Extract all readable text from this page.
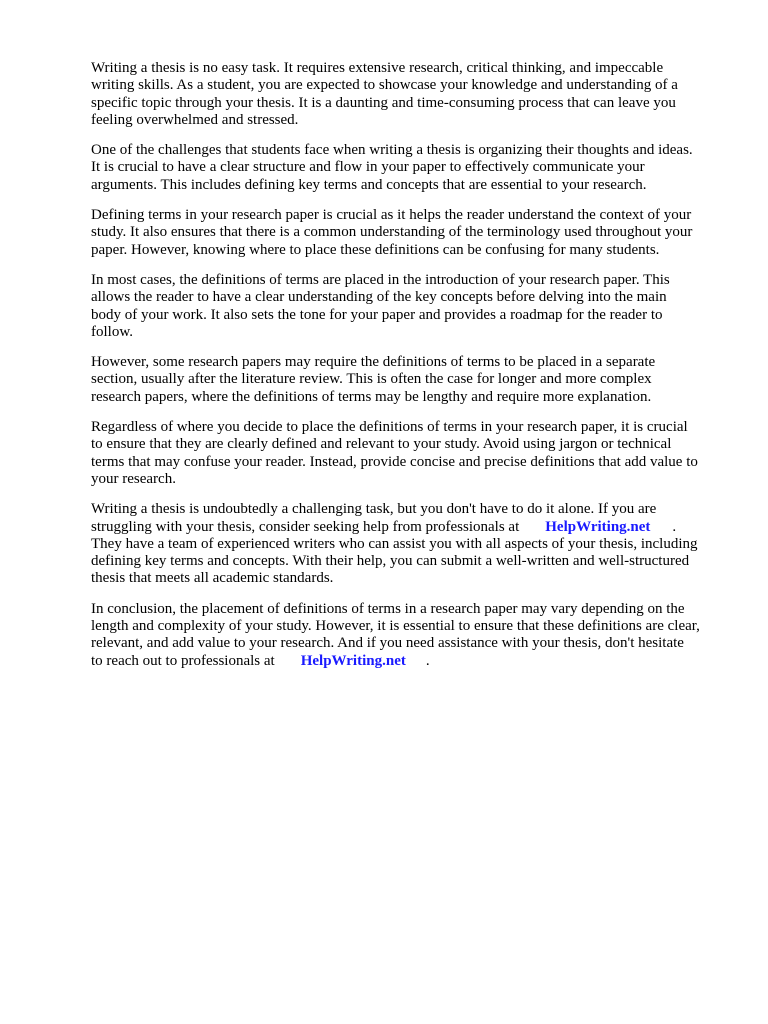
Writing a thesis is no easy task. It requires extensive research, critical thinking, and impeccable
writing skills. As a student, you are expected to showcase your knowledge and understanding of a
specific topic through your thesis. It is a daunting and time-consuming process that can leave you
feeling overwhelmed and stressed.

One of the challenges that students face when writing a thesis is organizing their thoughts and ideas.
It is crucial to have a clear structure and flow in your paper to effectively communicate your
arguments. This includes defining key terms and concepts that are essential to your research.

Defining terms in your research paper is crucial as it helps the reader understand the context of your
study. It also ensures that there is a common understanding of the terminology used throughout your
paper. However, knowing where to place these definitions can be confusing for many students.

In most cases, the definitions of terms are placed in the introduction of your research paper. This
allows the reader to have a clear understanding of the key concepts before delving into the main
body of your work. It also sets the tone for your paper and provides a roadmap for the reader to
follow.

However, some research papers may require the definitions of terms to be placed in a separate
section, usually after the literature review. This is often the case for longer and more complex
research papers, where the definitions of terms may be lengthy and require more explanation.

Regardless of where you decide to place the definitions of terms in your research paper, it is crucial
to ensure that they are clearly defined and relevant to your study. Avoid using jargon or technical
terms that may confuse your reader. Instead, provide concise and precise definitions that add value to
your research.

Writing a thesis is undoubtedly a challenging task, but you don't have to do it alone. If you are
struggling with your thesis, consider seeking help from professionals at HelpWriting.net .
They have a team of experienced writers who can assist you with all aspects of your thesis, including
defining key terms and concepts. With their help, you can submit a well-written and well-structured
thesis that meets all academic standards.

In conclusion, the placement of definitions of terms in a research paper may vary depending on the
length and complexity of your study. However, it is essential to ensure that these definitions are clear,
relevant, and add value to your research. And if you need assistance with your thesis, don't hesitate
to reach out to professionals at HelpWriting.net .
